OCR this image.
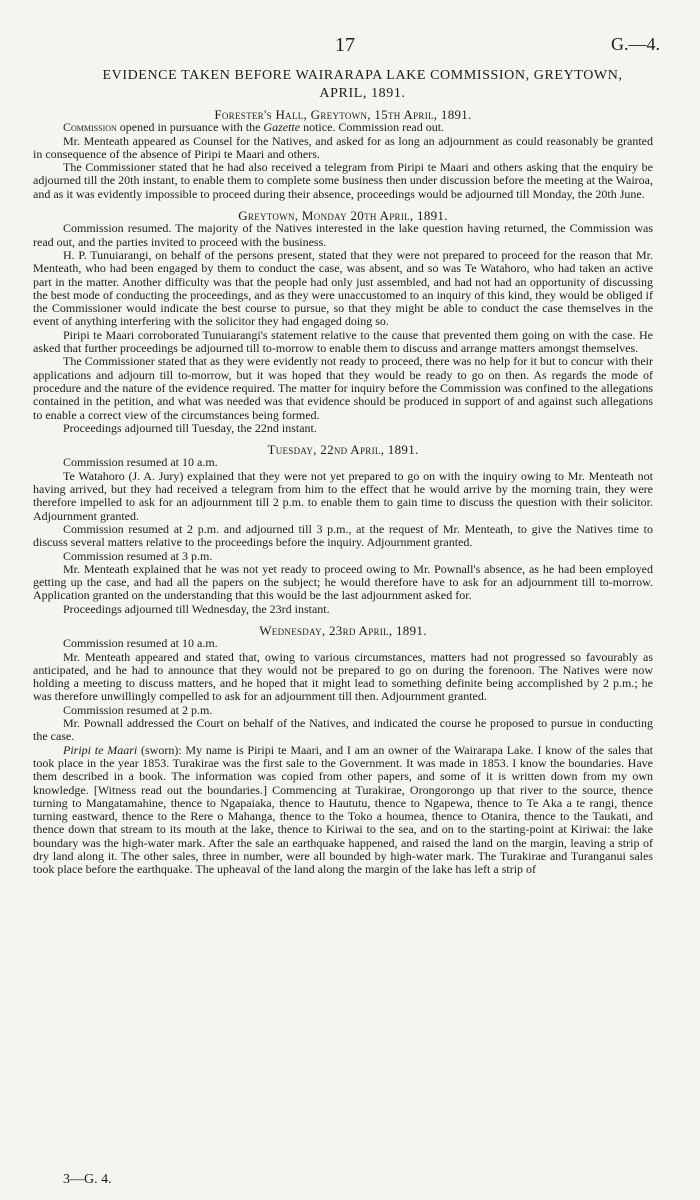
17	G.—4.
EVIDENCE TAKEN BEFORE WAIRARAPA LAKE COMMISSION, GREYTOWN,
APRIL, 1891.
Forester's Hall, Greytown, 15th April, 1891.

Commission opened in pursuance with the Gazette notice. Commission read out.

Mr. Menteath appeared as Counsel for the Natives, and asked for as long an adjournment as could reasonably be granted in consequence of the absence of Piripi te Maari and others.

The Commissioner stated that he had also received a telegram from Piripi te Maari and others asking that the enquiry be adjourned till the 20th instant, to enable them to complete some business then under discussion before the meeting at the Wairoa, and as it was evidently impossible to proceed during their absence, proceedings would be adjourned till Monday, the 20th June.

Greytown, Monday 20th April, 1891.

Commission resumed. The majority of the Natives interested in the lake question having returned, the Commission was read out, and the parties invited to proceed with the business.

H. P. Tunuiarangi, on behalf of the persons present, stated that they were not prepared to proceed for the reason that Mr. Menteath, who had been engaged by them to conduct the case, was absent, and so was Te Watahoro, who had taken an active part in the matter. Another difficulty was that the people had only just assembled, and had not had an opportunity of discussing the best mode of conducting the proceedings, and as they were unaccustomed to an inquiry of this kind, they would be obliged if the Commissioner would indicate the best course to pursue, so that they might be able to conduct the case themselves in the event of anything interfering with the solicitor they had engaged doing so.

Piripi te Maari corroborated Tunuiarangi's statement relative to the cause that prevented them going on with the case. He asked that further proceedings be adjourned till to-morrow to enable them to discuss and arrange matters amongst themselves.

The Commissioner stated that as they were evidently not ready to proceed, there was no help for it but to concur with their applications and adjourn till to-morrow, but it was hoped that they would be ready to go on then. As regards the mode of procedure and the nature of the evidence required. The matter for inquiry before the Commission was confined to the allegations contained in the petition, and what was needed was that evidence should be produced in support of and against such allegations to enable a correct view of the circumstances being formed.

Proceedings adjourned till Tuesday, the 22nd instant.

Tuesday, 22nd April, 1891.

Commission resumed at 10 a.m.

Te Watahoro (J. A. Jury) explained that they were not yet prepared to go on with the inquiry owing to Mr. Menteath not having arrived, but they had received a telegram from him to the effect that he would arrive by the morning train, they were therefore impelled to ask for an adjournment till 2 p.m. to enable them to gain time to discuss the question with their solicitor. Adjournment granted.

Commission resumed at 2 p.m. and adjourned till 3 p.m., at the request of Mr. Menteath, to give the Natives time to discuss several matters relative to the proceedings before the inquiry. Adjournment granted.

Commission resumed at 3 p.m.

Mr. Menteath explained that he was not yet ready to proceed owing to Mr. Pownall's absence, as he had been employed getting up the case, and had all the papers on the subject; he would therefore have to ask for an adjournment till to-morrow. Application granted on the understanding that this would be the last adjournment asked for.

Proceedings adjourned till Wednesday, the 23rd instant.

Wednesday, 23rd April, 1891.

Commission resumed at 10 a.m.

Mr. Menteath appeared and stated that, owing to various circumstances, matters had not progressed so favourably as anticipated, and he had to announce that they would not be prepared to go on during the forenoon. The Natives were now holding a meeting to discuss matters, and he hoped that it might lead to something definite being accomplished by 2 p.m.; he was therefore unwillingly compelled to ask for an adjournment till then. Adjournment granted.

Commission resumed at 2 p.m.

Mr. Pownall addressed the Court on behalf of the Natives, and indicated the course he proposed to pursue in conducting the case.

Piripi te Maari (sworn): My name is Piripi te Maari, and I am an owner of the Wairarapa Lake. I know of the sales that took place in the year 1853. Turakirae was the first sale to the Government. It was made in 1853. I know the boundaries. Have them described in a book. The information was copied from other papers, and some of it is written down from my own knowledge. [Witness read out the boundaries.] Commencing at Turakirae, Orongorongo up that river to the source, thence turning to Mangatamahine, thence to Ngapaiaka, thence to Haututu, thence to Ngapewa, thence to Te Aka a te rangi, thence turning eastward, thence to the Rere o Mahanga, thence to the Toko a houmea, thence to Otanira, thence to the Taukati, and thence down that stream to its mouth at the lake, thence to Kiriwai to the sea, and on to the starting-point at Kiriwai: the lake boundary was the high-water mark. After the sale an earthquake happened, and raised the land on the margin, leaving a strip of dry land along it. The other sales, three in number, were all bounded by high-water mark. The Turakirae and Turanganui sales took place before the earthquake. The upheaval of the land along the margin of the lake has left a strip of

3—G. 4.
